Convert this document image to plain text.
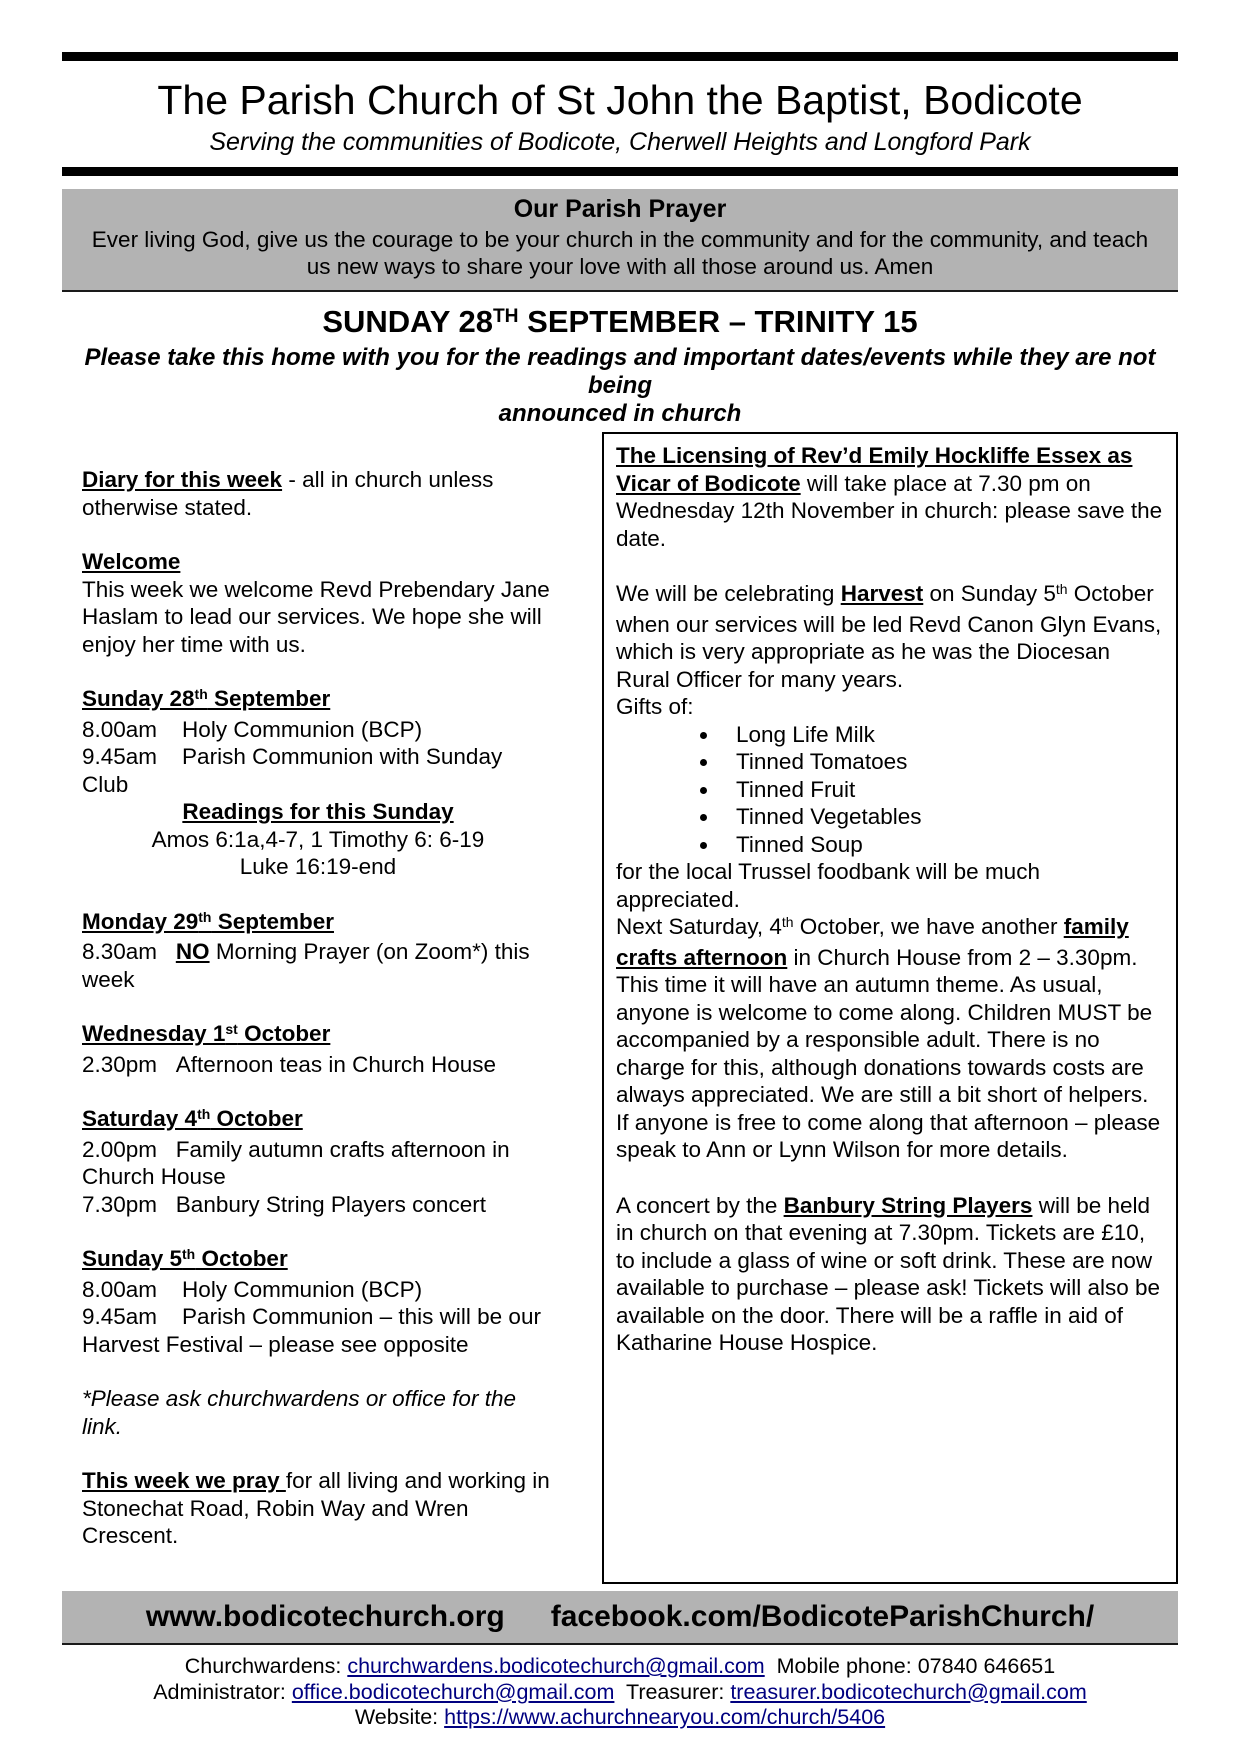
The Parish Church of St John the Baptist, Bodicote
Serving the communities of Bodicote, Cherwell Heights and Longford Park
Our Parish Prayer
Ever living God, give us the courage to be your church in the community and for the community, and teach us new ways to share your love with all those around us. Amen
SUNDAY 28TH SEPTEMBER – TRINITY 15
Please take this home with you for the readings and important dates/events while they are not being
announced in church

Diary for this week - all in church unless otherwise stated.

Welcome

This week we welcome Revd Prebendary Jane Haslam to lead our services. We hope she will enjoy her time with us.

Sunday 28th September

8.00am    Holy Communion (BCP)

9.45am    Parish Communion with Sunday Club

Readings for this Sunday

Amos 6:1a,4-7, 1 Timothy 6: 6-19

Luke 16:19-end

Monday 29th September

8.30am   NO Morning Prayer (on Zoom*) this week

Wednesday 1st October

2.30pm   Afternoon teas in Church House

Saturday 4th October

2.00pm   Family autumn crafts afternoon in Church House

7.30pm   Banbury String Players concert

Sunday 5th October

8.00am    Holy Communion (BCP)

9.45am    Parish Communion – this will be our Harvest Festival – please see opposite

*Please ask churchwardens or office for the link.

This week we pray for all living and working in Stonechat Road, Robin Way and Wren Crescent.

The Licensing of Rev’d Emily Hockliffe Essex as Vicar of Bodicote will take place at 7.30 pm on Wednesday 12th November in church: please save the date.

We will be celebrating Harvest on Sunday 5th October when our services will be led Revd Canon Glyn Evans, which is very appropriate as he was the Diocesan Rural Officer for many years.

Gifts of:

• Long Life Milk
• Tinned Tomatoes
• Tinned Fruit
• Tinned Vegetables
• Tinned Soup

for the local Trussel foodbank will be much appreciated.

Next Saturday, 4th October, we have another family crafts afternoon in Church House from 2 – 3.30pm. This time it will have an autumn theme. As usual, anyone is welcome to come along. Children MUST be accompanied by a responsible adult. There is no charge for this, although donations towards costs are always appreciated. We are still a bit short of helpers. If anyone is free to come along that afternoon – please speak to Ann or Lynn Wilson for more details.

A concert by the Banbury String Players will be held in church on that evening at 7.30pm. Tickets are £10, to include a glass of wine or soft drink. These are now available to purchase – please ask! Tickets will also be available on the door. There will be a raffle in aid of Katharine House Hospice.

www.bodicotechurch.org facebook.com/BodicoteParishChurch/
Churchwardens: churchwardens.bodicotechurch@gmail.com  Mobile phone: 07840 646651
Administrator: office.bodicotechurch@gmail.com  Treasurer: treasurer.bodicotechurch@gmail.com
Website: https://www.achurchnearyou.com/church/5406
